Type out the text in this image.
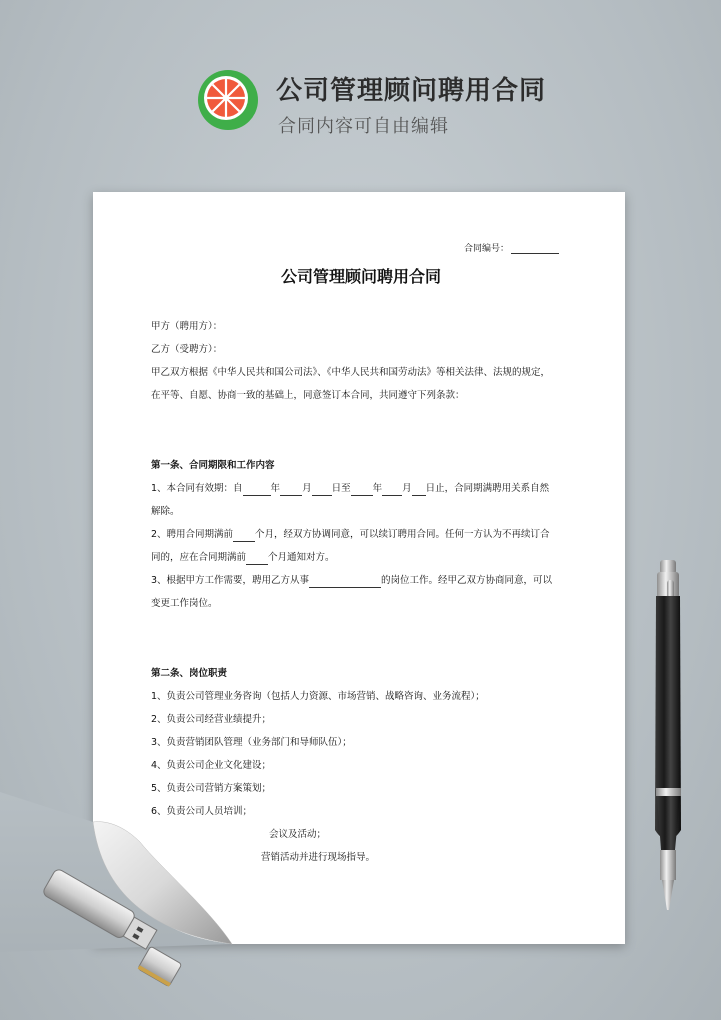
公司管理顾问聘用合同
合同内容可自由编辑
合同编号：
公司管理顾问聘用合同
甲方（聘用方）：
乙方（受聘方）：
甲乙双方根据《中华人民共和国公司法》、《中华人民共和国劳动法》等相关法律、法规的规定，
在平等、自愿、协商一致的基础上，同意签订本合同，共同遵守下列条款：
第一条、合同期限和工作内容
1、本合同有效期：自	年 月 日至 年 月 日止，合同期满聘用关系自然
解除。
2、聘用合同期满前 个月，经双方协调同意，可以续订聘用合同。任何一方认为不再续订合
同的，应在合同期满前 个月通知对方。
3、根据甲方工作需要，聘用乙方从事	的岗位工作。经甲乙双方协商同意，可以
变更工作岗位。
第二条、岗位职责
1、负责公司管理业务咨询（包括人力资源、市场营销、战略咨询、业务流程）；
2、负责公司经营业绩提升；
3、负责营销团队管理（业务部门和导师队伍）；
4、负责公司企业文化建设；
5、负责公司营销方案策划；
6、负责公司人员培训；
会议及活动；
营销活动并进行现场指导。
